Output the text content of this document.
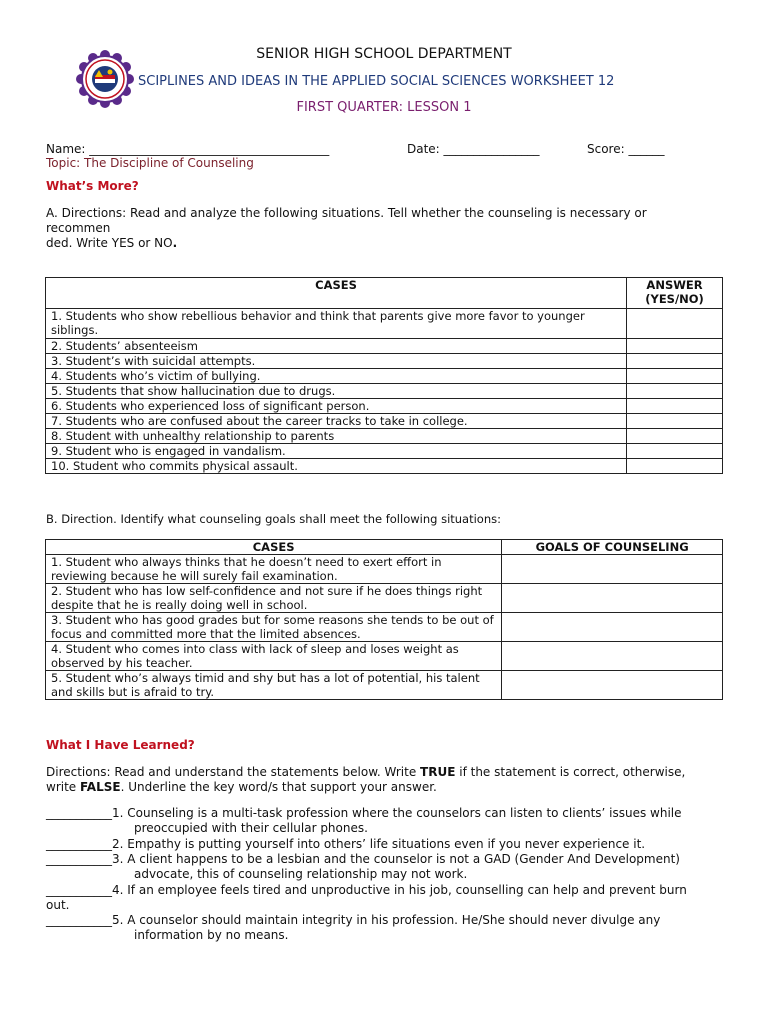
SENIOR HIGH SCHOOL DEPARTMENT
SCIPLINES AND IDEAS IN THE APPLIED SOCIAL SCIENCES WORKSHEET 12
FIRST QUARTER: LESSON 1
Name: ________________________________________	Date: ________________	Score: ______
Topic: The Discipline of Counseling
What’s More?
A. Directions: Read and analyze the following situations. Tell whether the counseling is necessary or
recommen
ded. Write YES or NO.
CASES	ANSWER
(YES/NO)

1. Students who show rebellious behavior and think that parents give more favor to younger siblings.	
2. Students’ absenteeism	
3. Student’s with suicidal attempts.	
4. Students who’s victim of bullying.	
5. Students that show hallucination due to drugs.	
6. Students who experienced loss of significant person.	
7. Students who are confused about the career tracks to take in college.	
8. Student with unhealthy relationship to parents	
9. Student who is engaged in vandalism.	
10. Student who commits physical assault.	
B. Direction. Identify what counseling goals shall meet the following situations:
CASES	GOALS OF COUNSELING
1. Student who always thinks that he doesn’t need to exert effort in reviewing because he will surely fail examination.	
2. Student who has low self-confidence and not sure if he does things right despite that he is really doing well in school.	
3. Student who has good grades but for some reasons she tends to be out of focus and committed more that the limited absences.	
4. Student who comes into class with lack of sleep and loses weight as observed by his teacher.	
5. Student who’s always timid and shy but has a lot of potential, his talent and skills but is afraid to try.	
What I Have Learned?
Directions: Read and understand the statements below. Write TRUE if the statement is correct, otherwise,
write FALSE. Underline the key word/s that support your answer.
___________1. Counseling is a multi-task profession where the counselors can listen to clients’ issues while
preoccupied with their cellular phones.
___________2. Empathy is putting yourself into others’ life situations even if you never experience it.
___________3. A client happens to be a lesbian and the counselor is not a GAD (Gender And Development)
advocate, this of counseling relationship may not work.
___________4. If an employee feels tired and unproductive in his job, counselling can help and prevent burn
out.
___________5. A counselor should maintain integrity in his profession. He/She should never divulge any
information by no means.
